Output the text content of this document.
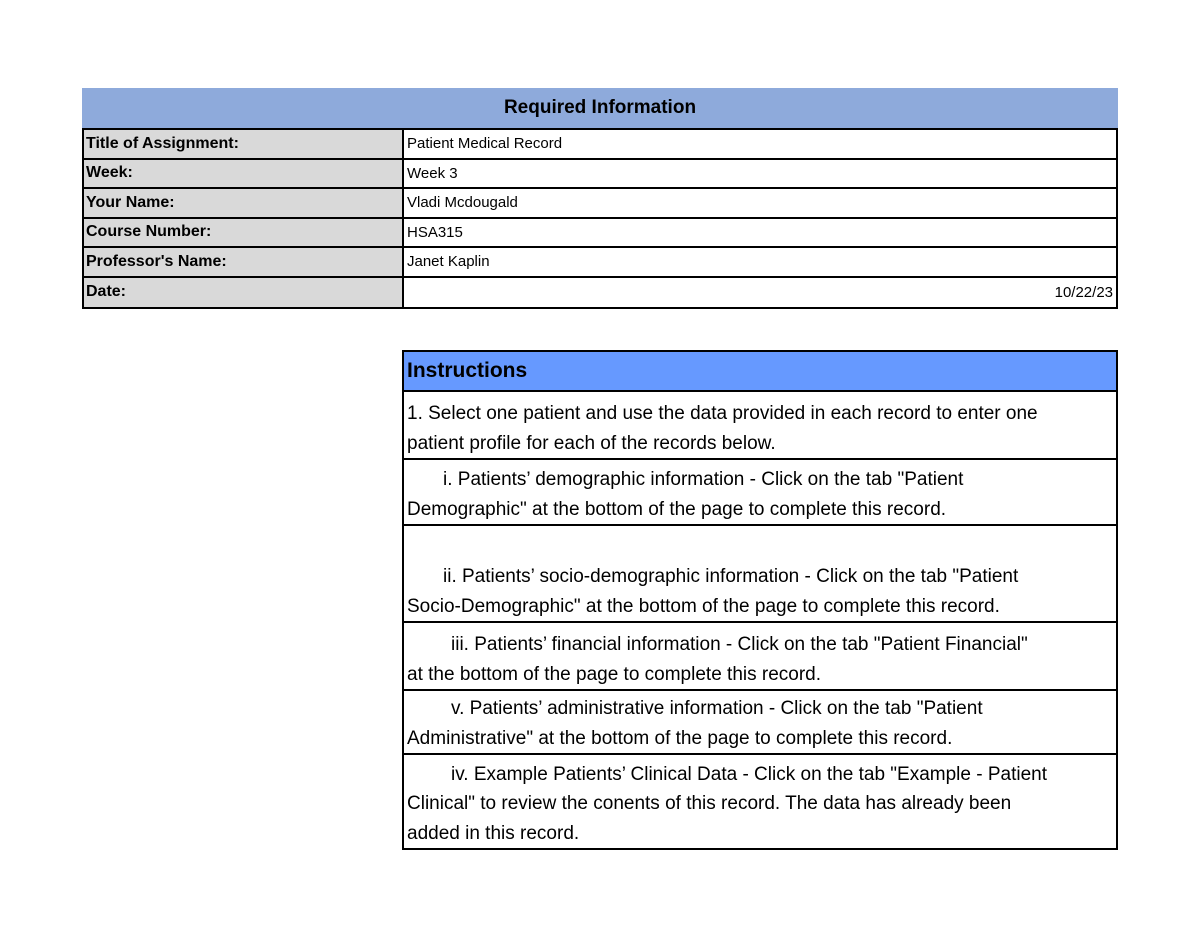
Required Information
Title of Assignment:	Patient Medical Record
Week:	Week 3
Your Name:	Vladi Mcdougald
Course Number:	HSA315
Professor's Name:	Janet Kaplin
Date:	10/22/23
Instructions
1. Select one patient and use the data provided in each record to enter one
patient profile for each of the records below.
i. Patients’ demographic information - Click on the tab "Patient
Demographic" at the bottom of the page to complete this record.
ii. Patients’ socio-demographic information - Click on the tab "Patient
Socio-Demographic" at the bottom of the page to complete this record.
iii. Patients’ financial information - Click on the tab "Patient Financial"
at the bottom of the page to complete this record.
v. Patients’ administrative information - Click on the tab "Patient
Administrative" at the bottom of the page to complete this record.
iv. Example Patients’ Clinical Data - Click on the tab "Example - Patient
Clinical" to review the conents of this record. The data has already been
added in this record.
